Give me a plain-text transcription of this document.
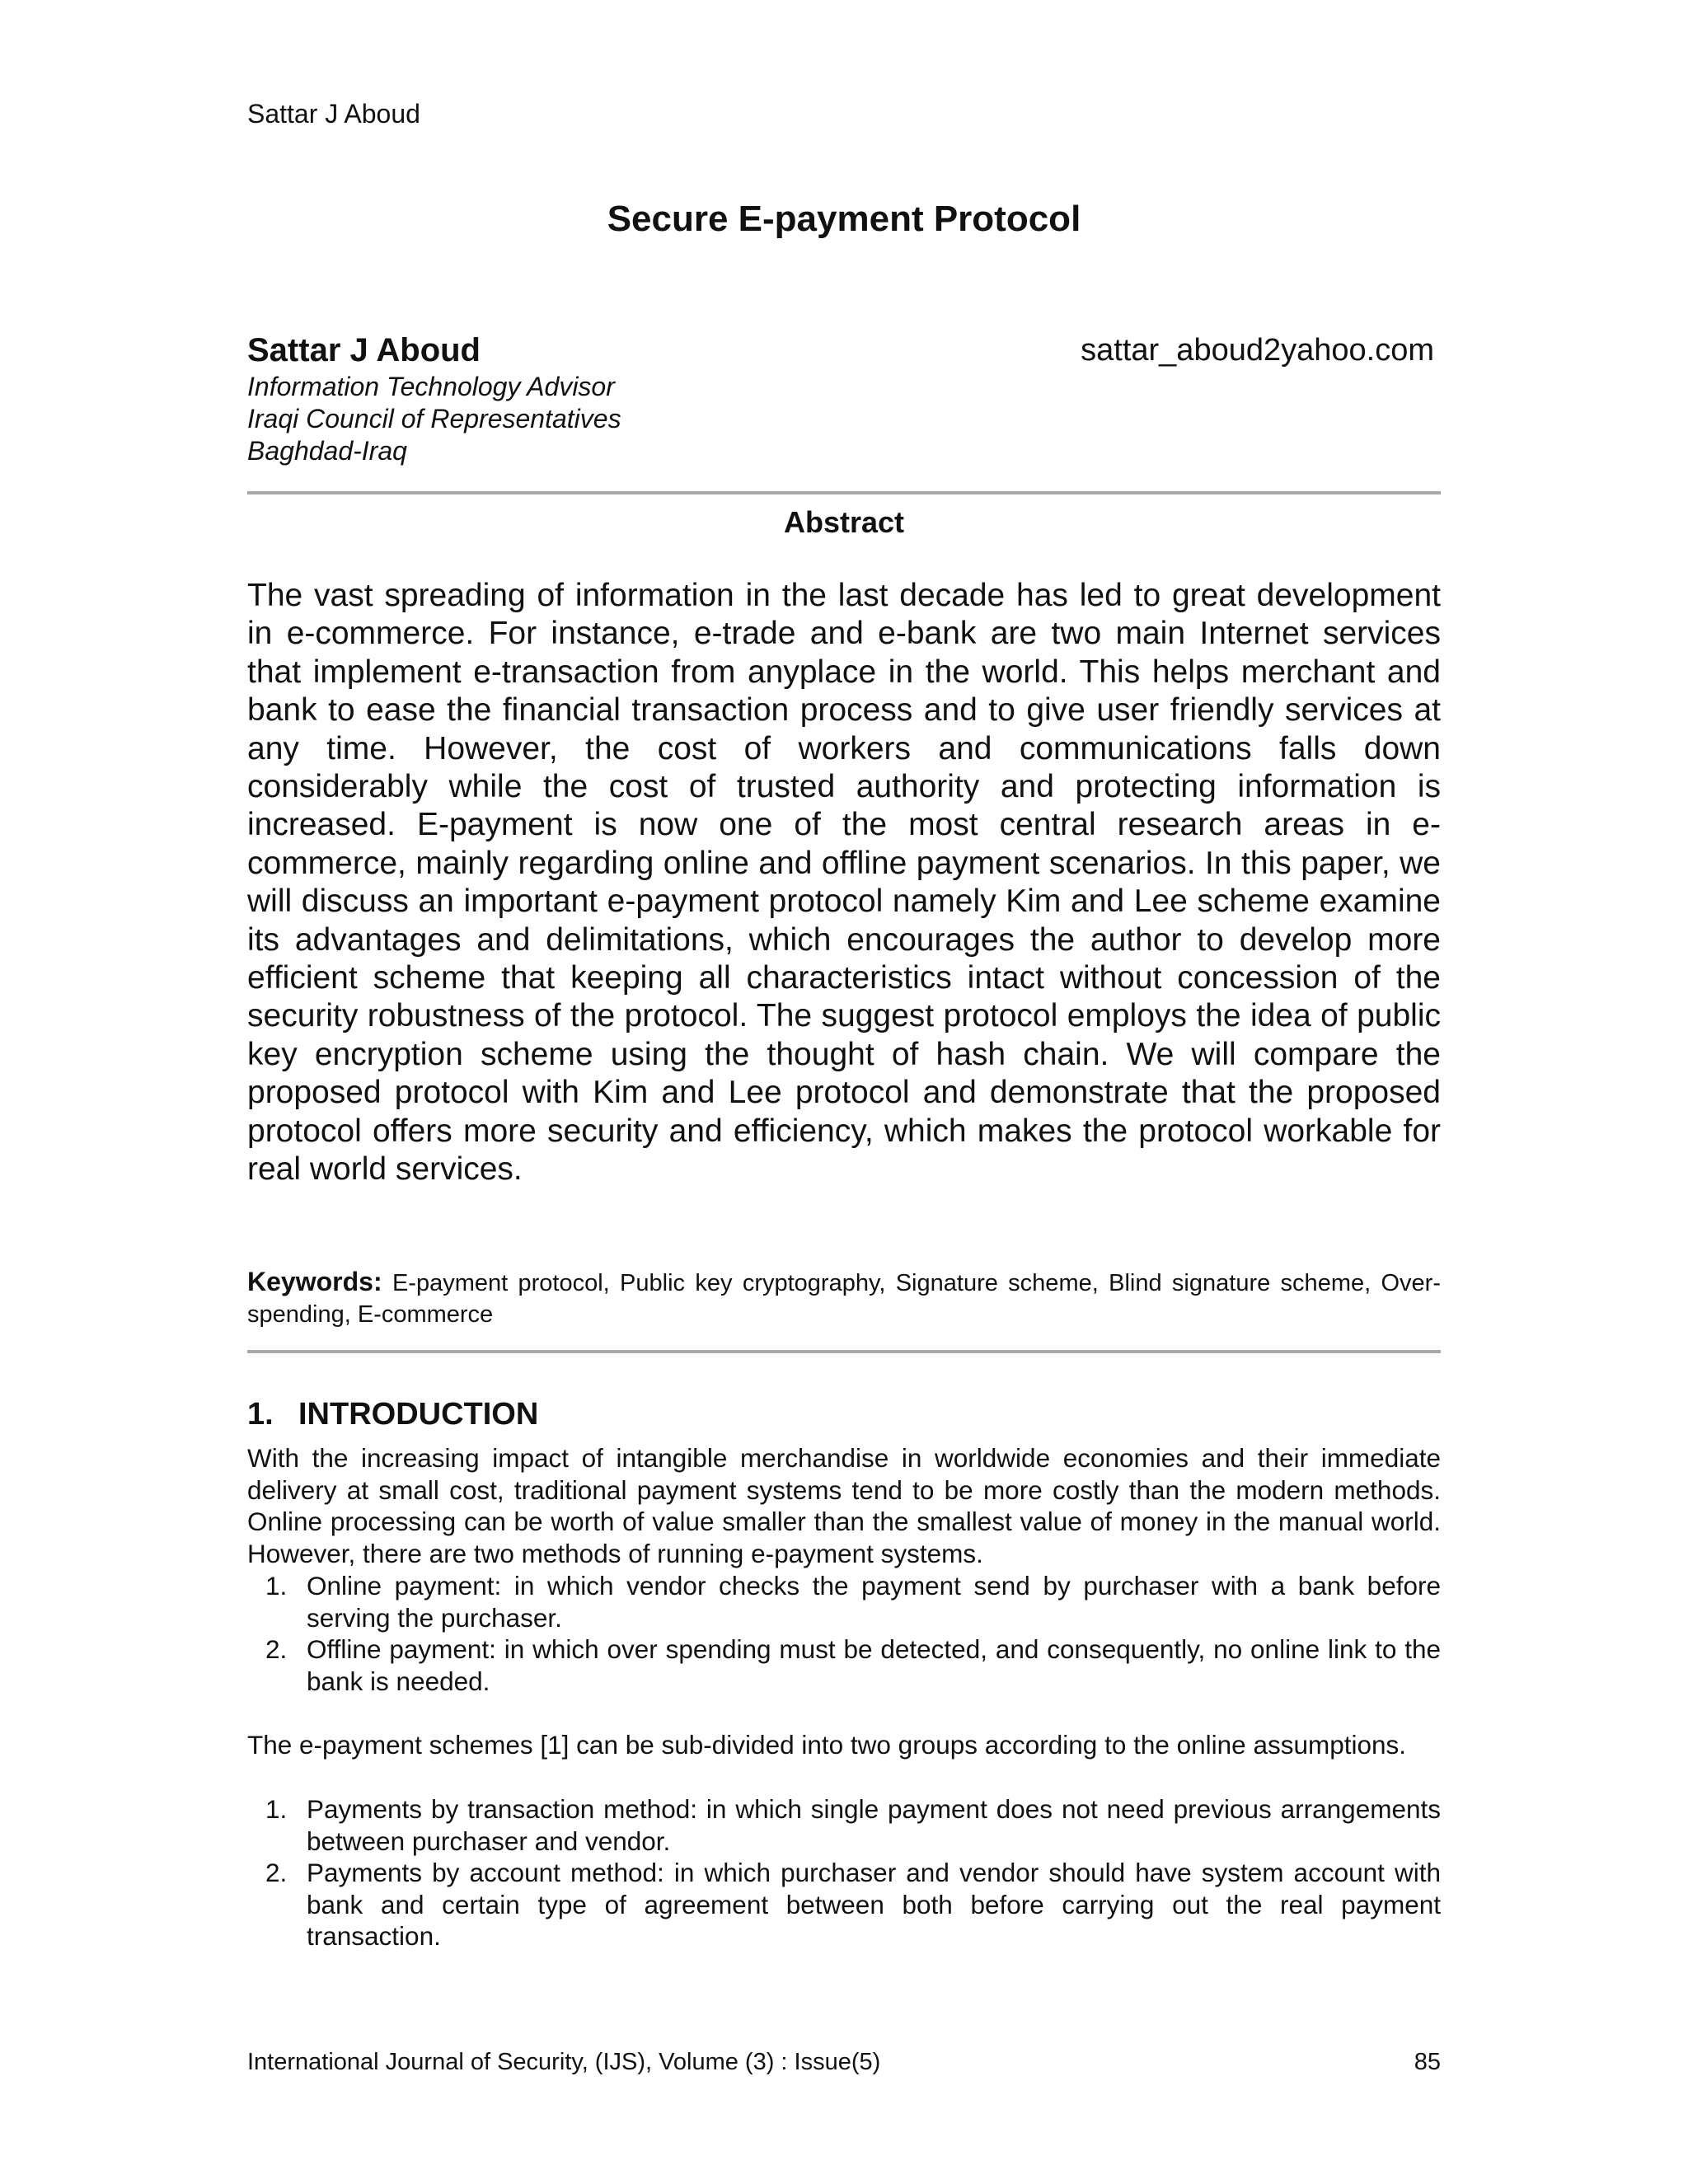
Sattar J Aboud
Secure E-payment Protocol

Sattar J Aboud	sattar_aboud2yahoo.com

Information Technology Advisor

Iraqi Council of Representatives

Baghdad-Iraq

Abstract

The vast spreading of information in the last decade has led to great development in e-commerce. For instance, e-trade and e-bank are two main Internet services that implement e-transaction from anyplace in the world. This helps merchant and bank to ease the financial transaction process and to give user friendly services at any time. However, the cost of workers and communications falls down considerably while the cost of trusted authority and protecting information is increased. E-payment is now one of the most central research areas in e-commerce, mainly regarding online and offline payment scenarios. In this paper, we will discuss an important e-payment protocol namely Kim and Lee scheme examine its advantages and delimitations, which encourages the author to develop more efficient scheme that keeping all characteristics intact without concession of the security robustness of the protocol. The suggest protocol employs the idea of public key encryption scheme using the thought of hash chain. We will compare the proposed protocol with Kim and Lee protocol and demonstrate that the proposed protocol offers more security and efficiency, which makes the protocol workable for real world services.

Keywords: E-payment protocol, Public key cryptography, Signature scheme, Blind signature scheme, Over-spending, E-commerce

1. INTRODUCTION

With the increasing impact of intangible merchandise in worldwide economies and their immediate delivery at small cost, traditional payment systems tend to be more costly than the modern methods. Online processing can be worth of value smaller than the smallest value of money in the manual world. However, there are two methods of running e-payment systems.

1. Online payment: in which vendor checks the payment send by purchaser with a bank before serving the purchaser.
2. Offline payment: in which over spending must be detected, and consequently, no online link to the bank is needed.

The e-payment schemes [1] can be sub-divided into two groups according to the online assumptions.

1. Payments by transaction method: in which single payment does not need previous arrangements between purchaser and vendor.
2. Payments by account method: in which purchaser and vendor should have system account with bank and certain type of agreement between both before carrying out the real payment transaction.
International Journal of Security, (IJS), Volume (3) : Issue(5)	85
